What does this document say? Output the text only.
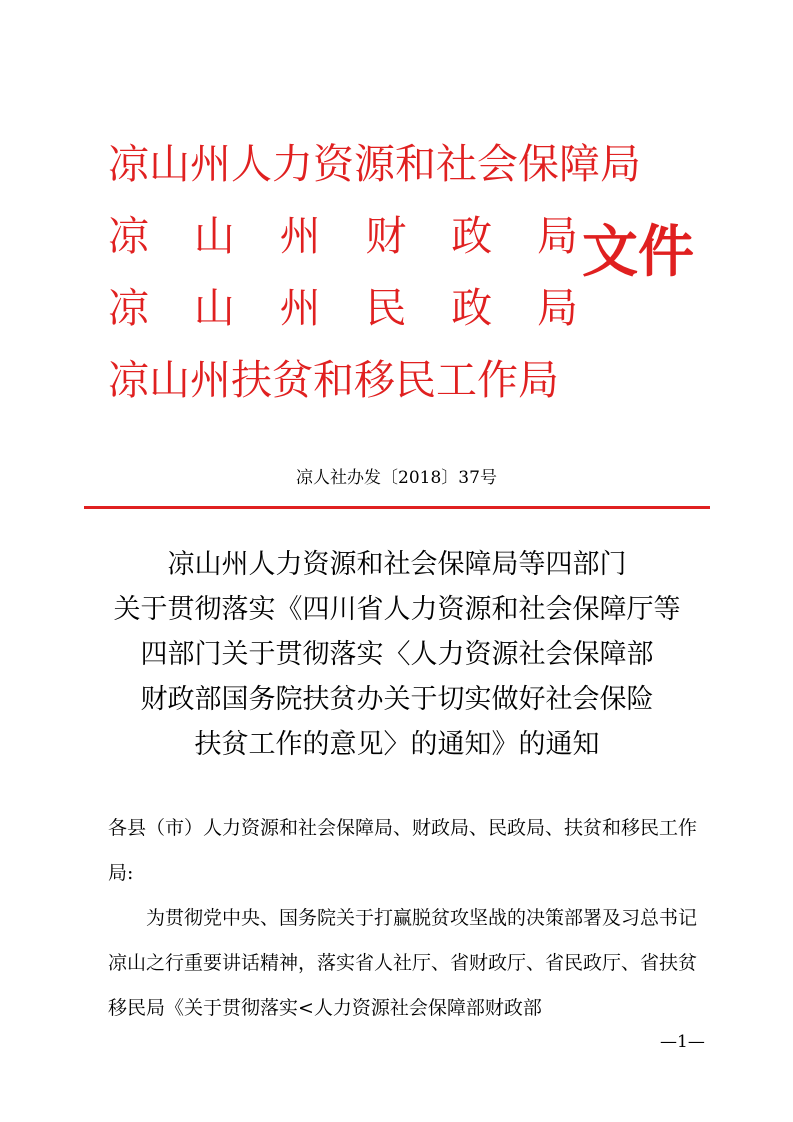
凉山州人力资源和社会保障局
凉 山 州 财 政 局
凉 山 州 民 政 局
凉山州扶贫和移民工作局
文件
凉人社办发〔2018〕37号
凉山州人力资源和社会保障局等四部门
关于贯彻落实《四川省人力资源和社会保障厅等
四部门关于贯彻落实〈人力资源社会保障部
财政部国务院扶贫办关于切实做好社会保险
扶贫工作的意见〉的通知》的通知

各县（市）人力资源和社会保障局、财政局、民政局、扶贫和移民工作局:

为贯彻党中央、国务院关于打赢脱贫攻坚战的决策部署及习总书记凉山之行重要讲话精神，落实省人社厅、省财政厅、省民政厅、省扶贫移民局《关于贯彻落实<人力资源社会保障部财政部

—1—
